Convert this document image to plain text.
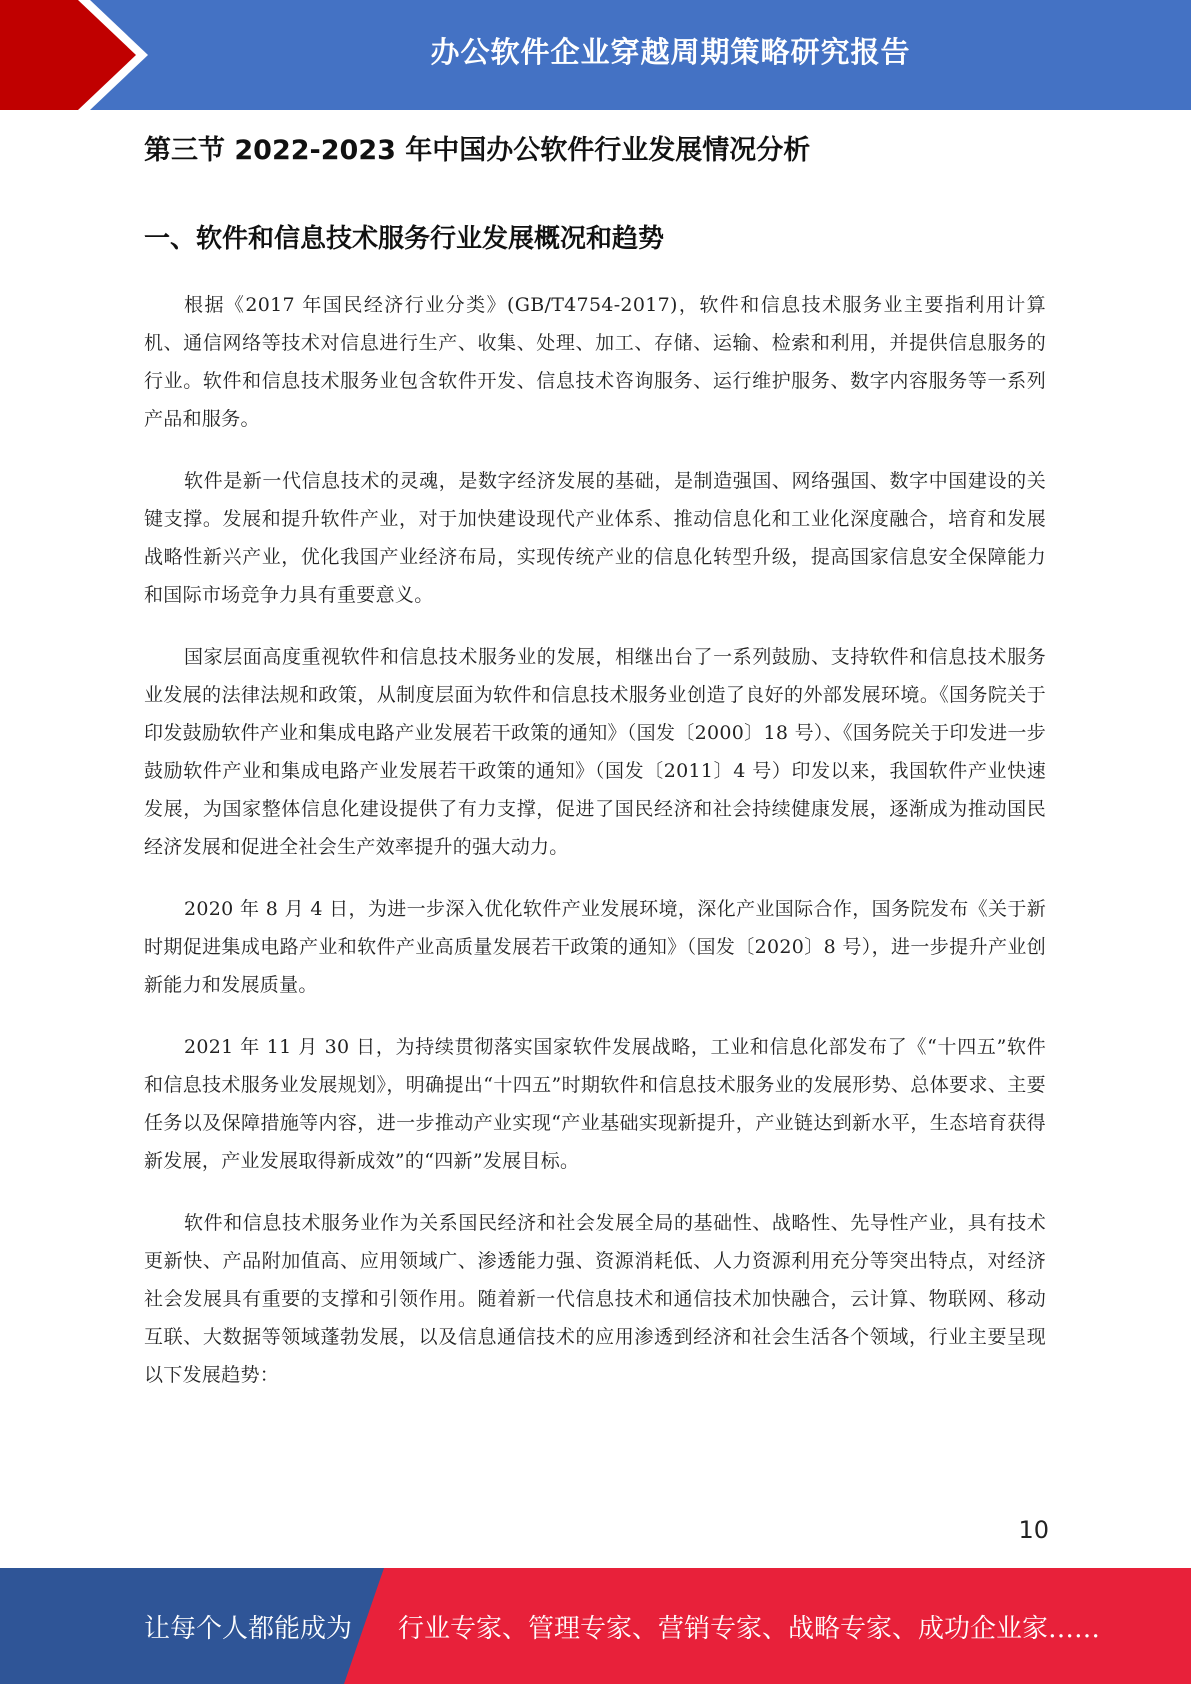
办公软件企业穿越周期策略研究报告
第三节 2022-2023 年中国办公软件行业发展情况分析
一、软件和信息技术服务行业发展概况和趋势

根据《2017 年国民经济行业分类》(GB/T4754-2017)，软件和信息技术服务业主要指利用计算机、通信网络等技术对信息进行生产、收集、处理、加工、存储、运输、检索和利用，并提供信息服务的行业。软件和信息技术服务业包含软件开发、信息技术咨询服务、运行维护服务、数字内容服务等一系列产品和服务。

软件是新一代信息技术的灵魂，是数字经济发展的基础，是制造强国、网络强国、数字中国建设的关键支撑。发展和提升软件产业，对于加快建设现代产业体系、推动信息化和工业化深度融合，培育和发展战略性新兴产业，优化我国产业经济布局，实现传统产业的信息化转型升级，提高国家信息安全保障能力和国际市场竞争力具有重要意义。

国家层面高度重视软件和信息技术服务业的发展，相继出台了一系列鼓励、支持软件和信息技术服务业发展的法律法规和政策，从制度层面为软件和信息技术服务业创造了良好的外部发展环境。《国务院关于印发鼓励软件产业和集成电路产业发展若干政策的通知》（国发〔2000〕18 号）、《国务院关于印发进一步鼓励软件产业和集成电路产业发展若干政策的通知》（国发〔2011〕4 号）印发以来，我国软件产业快速发展，为国家整体信息化建设提供了有力支撑，促进了国民经济和社会持续健康发展，逐渐成为推动国民经济发展和促进全社会生产效率提升的强大动力。

2020 年 8 月 4 日，为进一步深入优化软件产业发展环境，深化产业国际合作，国务院发布《关于新时期促进集成电路产业和软件产业高质量发展若干政策的通知》（国发〔2020〕8 号），进一步提升产业创新能力和发展质量。

2021 年 11 月 30 日，为持续贯彻落实国家软件发展战略，工业和信息化部发布了《“十四五”软件和信息技术服务业发展规划》，明确提出“十四五”时期软件和信息技术服务业的发展形势、总体要求、主要任务以及保障措施等内容，进一步推动产业实现“产业基础实现新提升，产业链达到新水平，生态培育获得新发展，产业发展取得新成效”的“四新”发展目标。

软件和信息技术服务业作为关系国民经济和社会发展全局的基础性、战略性、先导性产业，具有技术更新快、产品附加值高、应用领域广、渗透能力强、资源消耗低、人力资源利用充分等突出特点，对经济社会发展具有重要的支撑和引领作用。随着新一代信息技术和通信技术加快融合，云计算、物联网、移动互联、大数据等领域蓬勃发展，以及信息通信技术的应用渗透到经济和社会生活各个领域，行业主要呈现以下发展趋势：

10
让每个人都能成为 行业专家、管理专家、营销专家、战略专家、成功企业家……
